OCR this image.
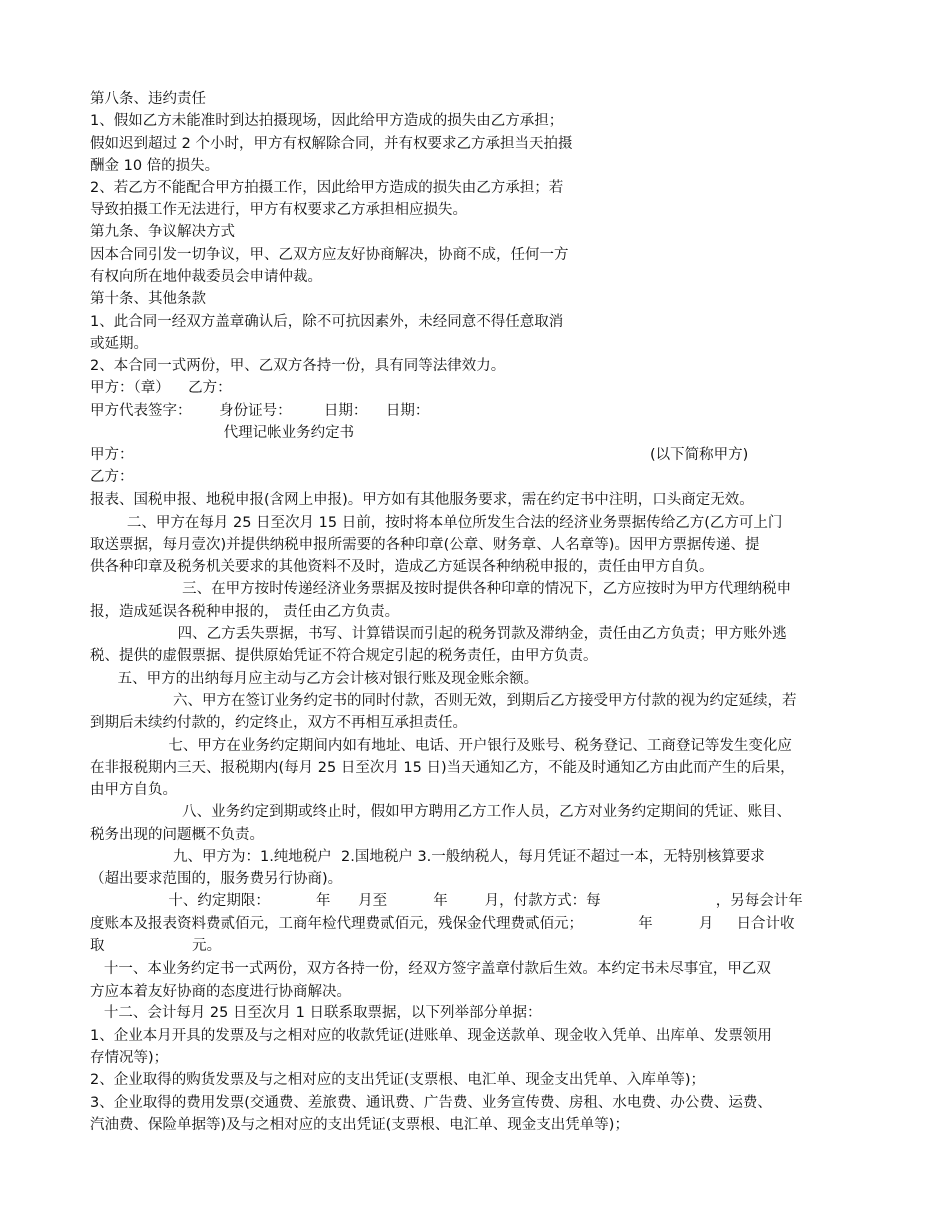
第八条、违约责任
1、假如乙方未能准时到达拍摄现场，因此给甲方造成的损失由乙方承担；
假如迟到超过 2 个小时，甲方有权解除合同，并有权要求乙方承担当天拍摄
酬金 10 倍的损失。
2、若乙方不能配合甲方拍摄工作，因此给甲方造成的损失由乙方承担；若
导致拍摄工作无法进行，甲方有权要求乙方承担相应损失。
第九条、争议解决方式
因本合同引发一切争议，甲、乙双方应友好协商解决，协商不成，任何一方
有权向所在地仲裁委员会申请仲裁。
第十条、其他条款
1、此合同一经双方盖章确认后，除不可抗因素外，未经同意不得任意取消
或延期。
2、本合同一式两份，甲、乙双方各持一份，具有同等法律效力。
甲方：（章）    乙方：
甲方代表签字：      身份证号：       日期：    日期：
代理记帐业务约定书
甲方：	(以下简称甲方)
乙方：
报表、国税申报、地税申报(含网上申报)。甲方如有其他服务要求，需在约定书中注明，口头商定无效。
二、甲方在每月 25 日至次月 15 日前，按时将本单位所发生合法的经济业务票据传给乙方(乙方可上门
取送票据，每月壹次)并提供纳税申报所需要的各种印章(公章、财务章、人名章等)。因甲方票据传递、提
供各种印章及税务机关要求的其他资料不及时，造成乙方延误各种纳税申报的，责任由甲方自负。
三、在甲方按时传递经济业务票据及按时提供各种印章的情况下，乙方应按时为甲方代理纳税申
报，造成延误各税种申报的， 责任由乙方负责。
四、乙方丢失票据，书写、计算错误而引起的税务罚款及滞纳金，责任由乙方负责；甲方账外逃
税、提供的虚假票据、提供原始凭证不符合规定引起的税务责任，由甲方负责。
五、甲方的出纳每月应主动与乙方会计核对银行账及现金账余额。
六、甲方在签订业务约定书的同时付款，否则无效，到期后乙方接受甲方付款的视为约定延续，若
到期后未续约付款的，约定终止，双方不再相互承担责任。
七、甲方在业务约定期间内如有地址、电话、开户银行及账号、税务登记、工商登记等发生变化应
在非报税期内三天、报税期内(每月 25 日至次月 15 日)当天通知乙方，不能及时通知乙方由此而产生的后果，
由甲方自负。
八、业务约定到期或终止时，假如甲方聘用乙方工作人员，乙方对业务约定期间的凭证、账目、
税务出现的问题概不负责。
九、甲方为：1.纯地税户  2.国地税户 3.一般纳税人，每月凭证不超过一本，无特别核算要求
（超出要求范围的，服务费另行协商)。
十、约定期限：          年      月至          年        月，付款方式：每                         ，另每会计年
度账本及报表资料费贰佰元，工商年检代理费贰佰元，残保金代理费贰佰元；            年          月     日合计收
取                   元。
十一、本业务约定书一式两份，双方各持一份，经双方签字盖章付款后生效。本约定书未尽事宜，甲乙双
方应本着友好协商的态度进行协商解决。
十二、会计每月 25 日至次月 1 日联系取票据，以下列举部分单据：
1、企业本月开具的发票及与之相对应的收款凭证(进账单、现金送款单、现金收入凭单、出库单、发票领用
存情况等)；
2、企业取得的购货发票及与之相对应的支出凭证(支票根、电汇单、现金支出凭单、入库单等)；
3、企业取得的费用发票(交通费、差旅费、通讯费、广告费、业务宣传费、房租、水电费、办公费、运费、
汽油费、保险单据等)及与之相对应的支出凭证(支票根、电汇单、现金支出凭单等)；
